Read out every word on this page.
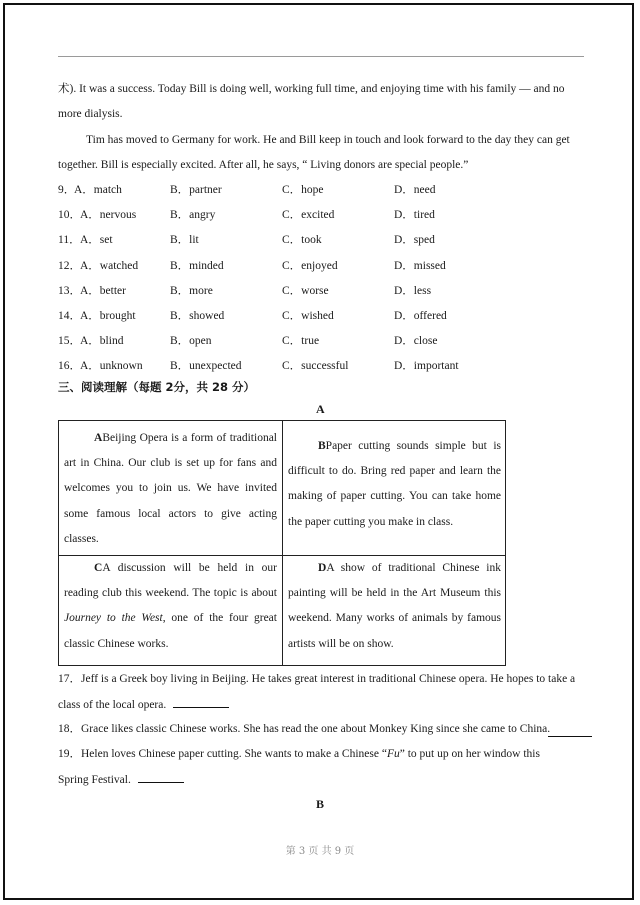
术). It was a success. Today Bill is doing well, working full time, and enjoying time with his family — and no
more dialysis.
Tim has moved to Germany for work. He and Bill keep in touch and look forward to the day they can get
together. Bill is especially excited. After all, he says, “ Living donors are special people.”
9．
A．match	B．partner	C．hope	D．need
10． A．nervous	B．angry	C．excited	D．tired
11． A．set	B．lit	C．took	D．sped
12． A．watched	B．minded	C．enjoyed	D．missed
13． A．better	B．more	C．worse	D．less
14． A．brought	B．showed	C．wished	D．offered
15． A．blind	B．open	C．true	D．close
16． A．unknown B．unexpected	C．successful	D．important
三、阅读理解（每题 2分，共 28 分）
A
ABeijing Opera is a form of traditional art in China. Our club is set up for fans and welcomes you to join us. We have invited some famous local actors to give acting classes.
BPaper cutting sounds simple but is difficult to do. Bring red paper and learn the making of paper cutting. You can take home the paper cutting you make in class.
CA discussion will be held in our reading club this weekend. The topic is about Journey to the West, one of the four great classic Chinese works.
DA show of traditional Chinese ink painting will be held in the Art Museum this weekend. Many works of animals by famous artists will be on show.
17．Jeff is a Greek boy living in Beijing. He takes great interest in traditional Chinese opera. He hopes to take a
class of the local opera.
18．Grace likes classic Chinese works. She has read the one about Monkey King since she came to China.
19．Helen loves Chinese paper cutting. She wants to make a Chinese “Fu” to put up on her window this
Spring Festival.
B
第 3 页 共 9 页
